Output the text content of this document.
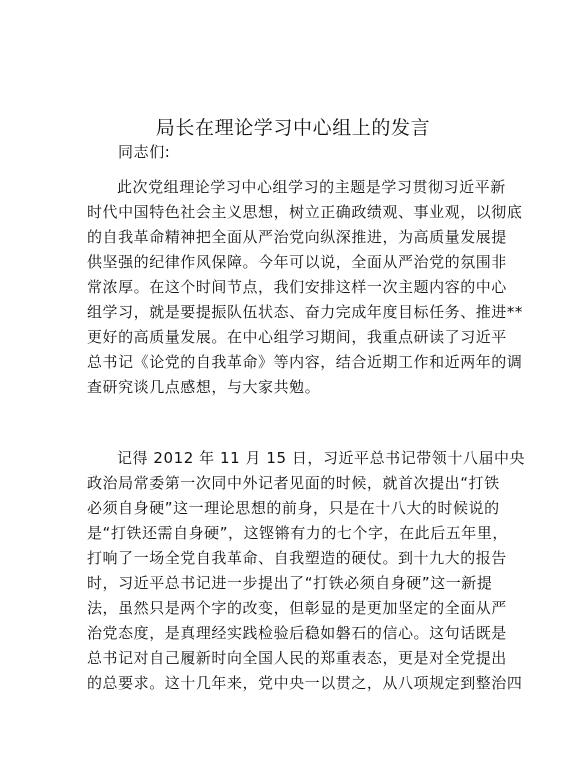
局长在理论学习中心组上的发言
同志们:
此次党组理论学习中心组学习的主题是学习贯彻习近平新
时代中国特色社会主义思想，树立正确政绩观、事业观，以彻底
的自我革命精神把全面从严治党向纵深推进，为高质量发展提
供坚强的纪律作风保障。今年可以说，全面从严治党的氛围非
常浓厚。在这个时间节点，我们安排这样一次主题内容的中心
组学习，就是要提振队伍状态、奋力完成年度目标任务、推进**
更好的高质量发展。在中心组学习期间，我重点研读了习近平
总书记《论党的自我革命》等内容，结合近期工作和近两年的调
查研究谈几点感想，与大家共勉。
记得 2012 年 11 月 15 日，习近平总书记带领十八届中央
政治局常委第一次同中外记者见面的时候，就首次提出“打铁
必须自身硬”这一理论思想的前身，只是在十八大的时候说的
是“打铁还需自身硬”，这铿锵有力的七个字，在此后五年里，
打响了一场全党自我革命、自我塑造的硬仗。到十九大的报告
时，习近平总书记进一步提出了“打铁必须自身硬”这一新提
法，虽然只是两个字的改变，但彰显的是更加坚定的全面从严
治党态度，是真理经实践检验后稳如磐石的信心。这句话既是
总书记对自己履新时向全国人民的郑重表态，更是对全党提出
的总要求。这十几年来，党中央一以贯之，从八项规定到整治四
